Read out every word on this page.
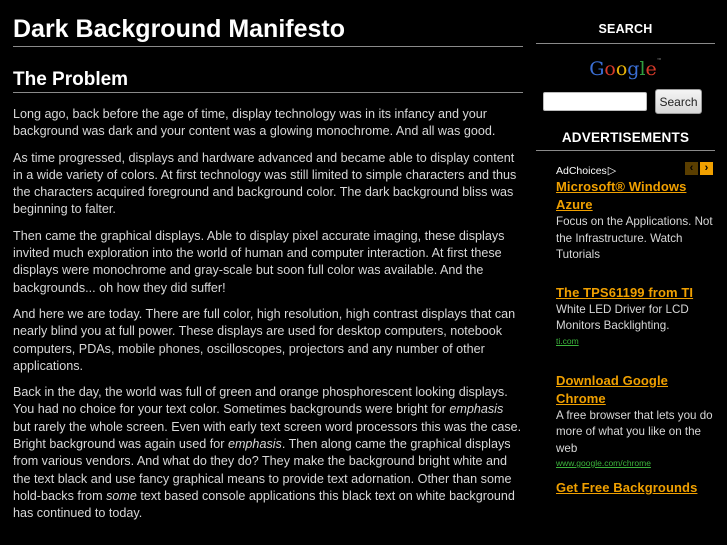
Dark Background Manifesto
The Problem

Long ago, back before the age of time, display technology was in its infancy and your background was dark and your content was a glowing monochrome. And all was good.

As time progressed, displays and hardware advanced and became able to display content in a wide variety of colors. At first technology was still limited to simple characters and thus the characters acquired foreground and background color. The dark background bliss was beginning to falter.

Then came the graphical displays. Able to display pixel accurate imaging, these displays invited much exploration into the world of human and computer interaction. At first these displays were monochrome and gray-scale but soon full color was available. And the backgrounds... oh how they did suffer!

And here we are today. There are full color, high resolution, high contrast displays that can nearly blind you at full power. These displays are used for desktop computers, notebook computers, PDAs, mobile phones, oscilloscopes, projectors and any number of other applications.

Back in the day, the world was full of green and orange phosphorescent looking displays. You had no choice for your text color. Sometimes backgrounds were bright for emphasis but rarely the whole screen. Even with early text screen word processors this was the case. Bright background was again used for emphasis. Then along came the graphical displays from various vendors. And what do they do? They make the background bright white and the text black and use fancy graphical means to provide text adornation. Other than some hold-backs from some text based console applications this black text on white background has continued to today.

SEARCH
Google™
Search
ADVERTISEMENTS
AdChoices▷	‹	›
Microsoft® Windows Azure
Focus on the Applications. Not the Infrastructure. Watch Tutorials
The TPS61199 from TI
White LED Driver for LCD Monitors Backlighting.
ti.com
Download Google Chrome
A free browser that lets you do more of what you like on the web
www.google.com/chrome
Get Free Backgrounds
